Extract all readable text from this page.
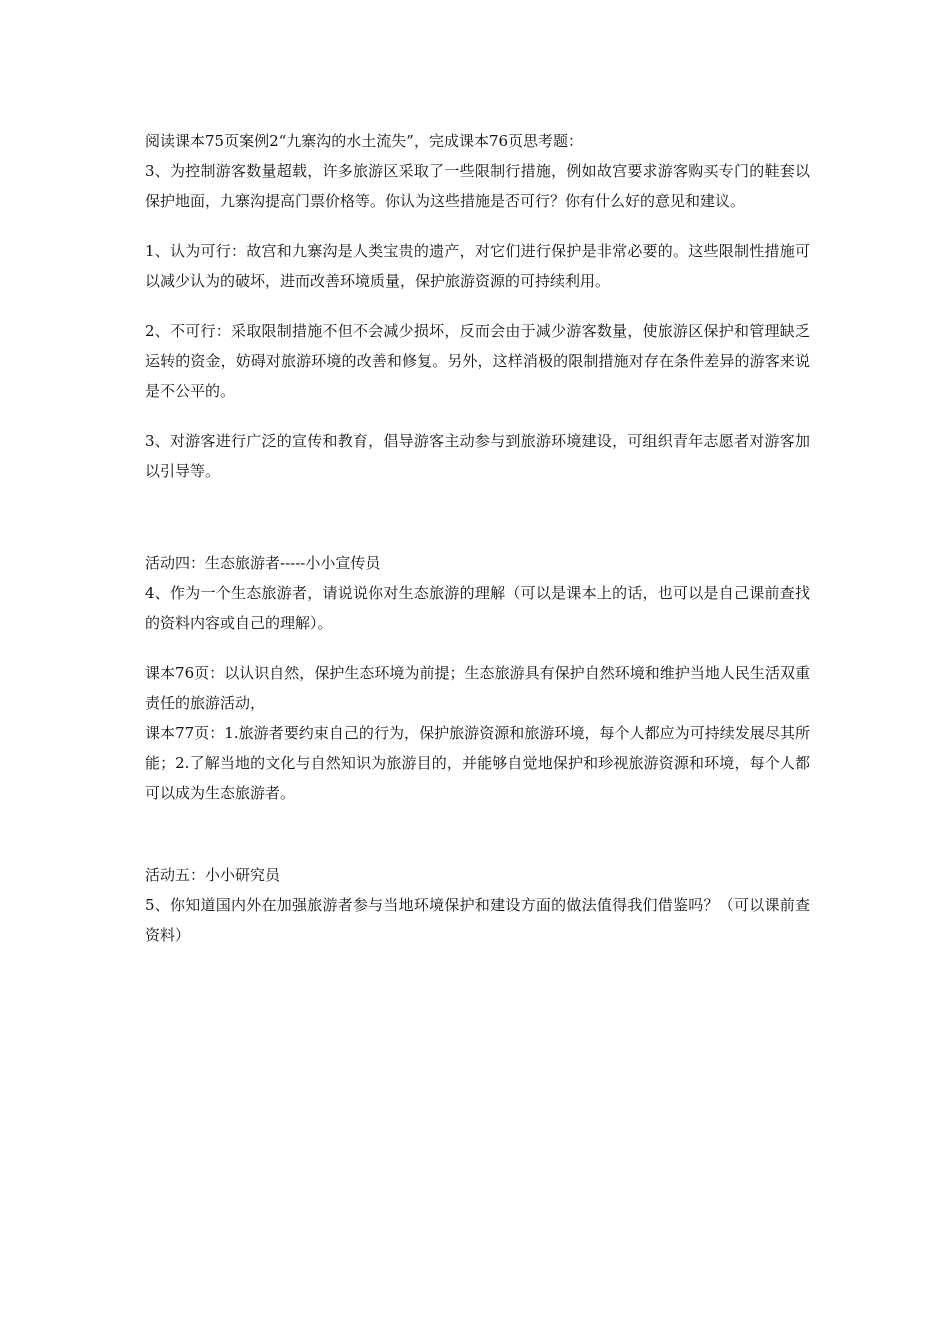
阅读课本75页案例2“九寨沟的水土流失”，完成课本76页思考题：

3、为控制游客数量超载，许多旅游区采取了一些限制行措施，例如故宫要求游客购买专门的鞋套以保护地面，九寨沟提高门票价格等。你认为这些措施是否可行？你有什么好的意见和建议。

1、认为可行：故宫和九寨沟是人类宝贵的遗产，对它们进行保护是非常必要的。这些限制性措施可以减少认为的破坏，进而改善环境质量，保护旅游资源的可持续利用。

2、不可行：采取限制措施不但不会减少损坏，反而会由于减少游客数量，使旅游区保护和管理缺乏运转的资金，妨碍对旅游环境的改善和修复。另外，这样消极的限制措施对存在条件差异的游客来说是不公平的。

3、对游客进行广泛的宣传和教育，倡导游客主动参与到旅游环境建设，可组织青年志愿者对游客加以引导等。

活动四：生态旅游者-----小小宣传员

4、作为一个生态旅游者，请说说你对生态旅游的理解（可以是课本上的话，也可以是自己课前查找的资料内容或自己的理解）。

课本76页：以认识自然，保护生态环境为前提；生态旅游具有保护自然环境和维护当地人民生活双重责任的旅游活动，

课本77页：1.旅游者要约束自己的行为，保护旅游资源和旅游环境，每个人都应为可持续发展尽其所能；2.了解当地的文化与自然知识为旅游目的，并能够自觉地保护和珍视旅游资源和环境，每个人都可以成为生态旅游者。

活动五：小小研究员

5、你知道国内外在加强旅游者参与当地环境保护和建设方面的做法值得我们借鉴吗？（可以课前查资料）
